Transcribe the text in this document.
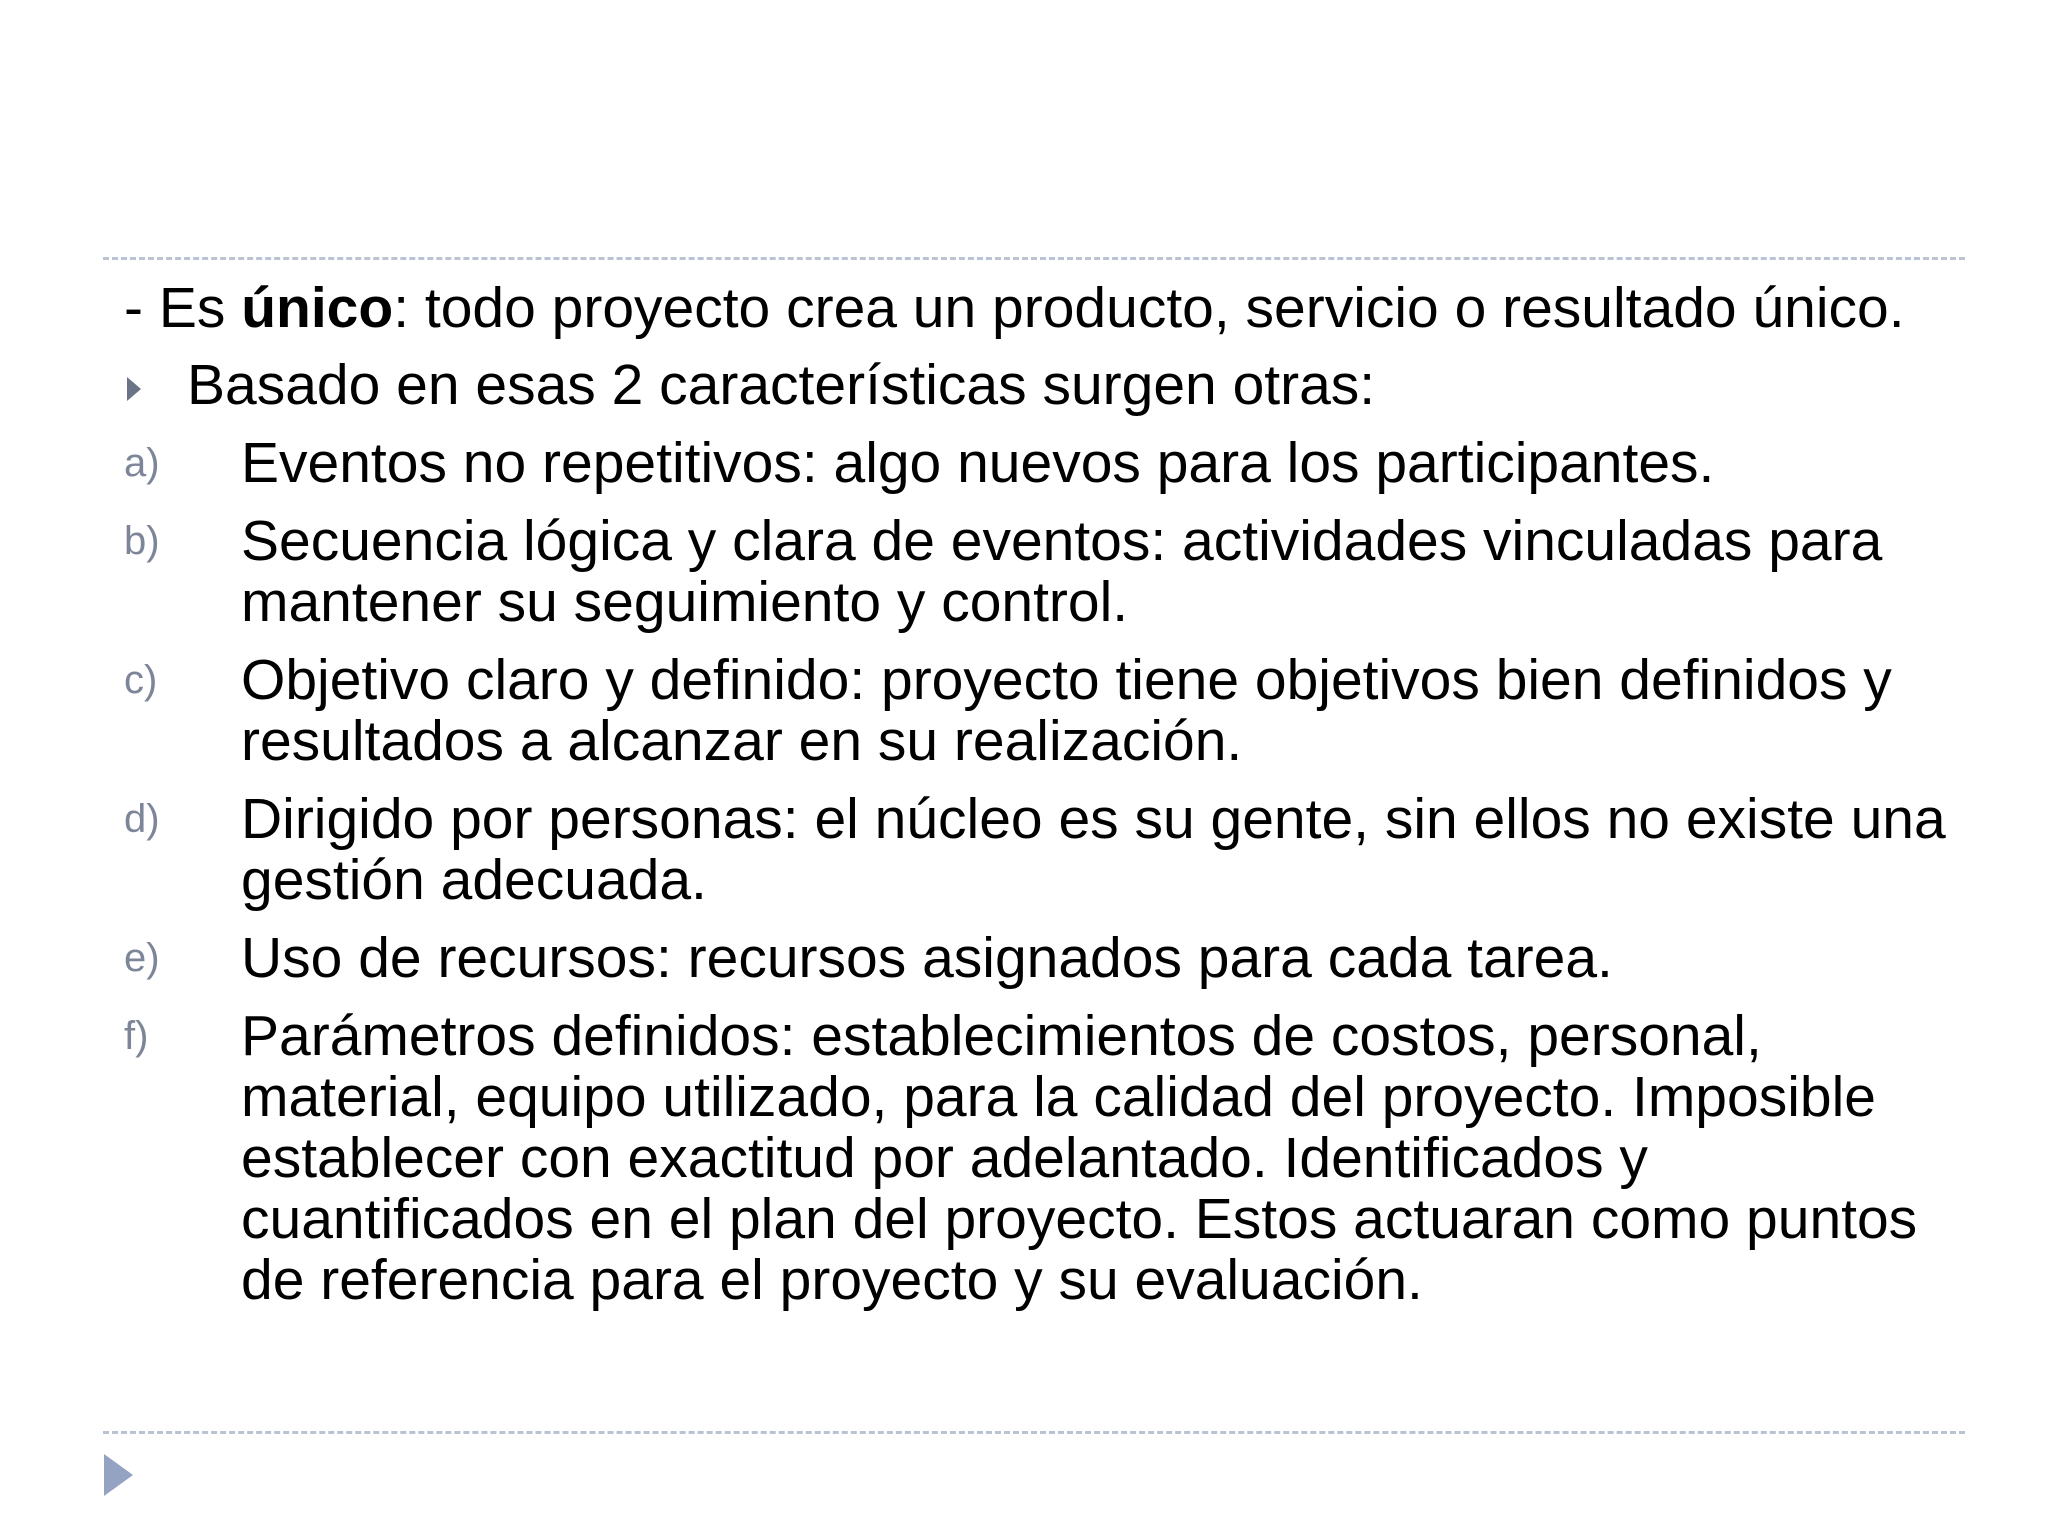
- Es único: todo proyecto crea un producto, servicio o resultado único.
Basado en esas 2 características surgen otras:
a) Eventos no repetitivos: algo nuevos para los participantes.
b) Secuencia lógica y clara de eventos: actividades vinculadas para mantener su seguimiento y control.
c) Objetivo claro y definido: proyecto tiene objetivos bien definidos y resultados a alcanzar en su realización.
d) Dirigido por personas: el núcleo es su gente, sin ellos no existe una gestión adecuada.
e) Uso de recursos: recursos asignados para cada tarea.
f) Parámetros definidos: establecimientos de costos, personal, material, equipo utilizado, para la calidad del proyecto. Imposible establecer con exactitud por adelantado. Identificados y cuantificados en el plan del proyecto. Estos actuaran como puntos de referencia para el proyecto y su evaluación.
